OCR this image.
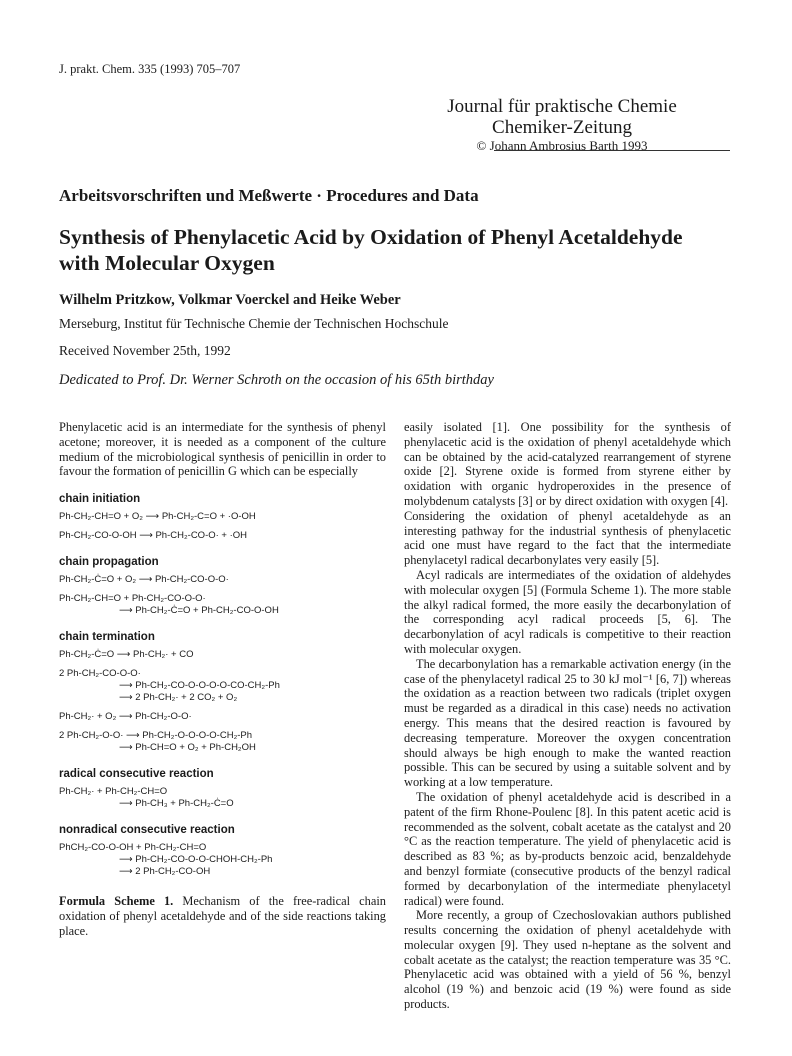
J. prakt. Chem. 335 (1993) 705–707
Journal für praktische Chemie
Chemiker-Zeitung
© Johann Ambrosius Barth 1993
Arbeitsvorschriften und Meßwerte · Procedures and Data
Synthesis of Phenylacetic Acid by Oxidation of Phenyl Acetaldehyde
with Molecular Oxygen
Wilhelm Pritzkow, Volkmar Voerckel and Heike Weber
Merseburg, Institut für Technische Chemie der Technischen Hochschule
Received November 25th, 1992
Dedicated to Prof. Dr. Werner Schroth on the occasion of his 65th birthday

Phenylacetic acid is an intermediate for the synthesis of phenyl acetone; moreover, it is needed as a component of the culture medium of the microbiological synthesis of penicillin in order to favour the formation of penicillin G which can be especially

chain initiation
Ph-CH₂-CH=O + O₂ ⟶ Ph-CH₂-C=O + ·O-OH
Ph-CH₂-CO-O-OH ⟶ Ph-CH₂-CO-O· + ·OH
chain propagation
Ph-CH₂-Ċ=O + O₂ ⟶ Ph-CH₂-CO-O-O·
Ph-CH₂-CH=O + Ph-CH₂-CO-O-O·
⟶ Ph-CH₂-Ċ=O + Ph-CH₂-CO-O-OH
chain termination
Ph-CH₂-Ċ=O ⟶ Ph-CH₂· + CO
2 Ph-CH₂-CO-O-O·
⟶ Ph-CH₂-CO-O-O-O-O-CO-CH₂-Ph
⟶ 2 Ph-CH₂· + 2 CO₂ + O₂
Ph-CH₂· + O₂ ⟶ Ph-CH₂-O-O·
2 Ph-CH₂-O-O· ⟶ Ph-CH₂-O-O-O-O-CH₂-Ph
⟶ Ph-CH=O + O₂ + Ph-CH₂OH
radical consecutive reaction
Ph-CH₂· + Ph-CH₂-CH=O
⟶ Ph-CH₃ + Ph-CH₂-Ċ=O
nonradical consecutive reaction
PhCH₂-CO-O-OH + Ph-CH₂-CH=O
⟶ Ph-CH₂-CO-O-O-CHOH-CH₂-Ph
⟶ 2 Ph-CH₂-CO-OH
Formula Scheme 1. Mechanism of the free-radical chain oxidation of phenyl acetaldehyde and of the side reactions taking place.

easily isolated [1]. One possibility for the synthesis of phenylacetic acid is the oxidation of phenyl acetaldehyde which can be obtained by the acid-catalyzed rearrangement of styrene oxide [2]. Styrene oxide is formed from styrene either by oxidation with organic hydroperoxides in the presence of molybdenum catalysts [3] or by direct oxidation with oxygen [4].

Considering the oxidation of phenyl acetaldehyde as an interesting pathway for the industrial synthesis of phenylacetic acid one must have regard to the fact that the intermediate phenylacetyl radical decarbonylates very easily [5].

Acyl radicals are intermediates of the oxidation of aldehydes with molecular oxygen [5] (Formula Scheme 1). The more stable the alkyl radical formed, the more easily the decarbonylation of the corresponding acyl radical proceeds [5, 6]. The decarbonylation of acyl radicals is competitive to their reaction with molecular oxygen.

The decarbonylation has a remarkable activation energy (in the case of the phenylacetyl radical 25 to 30 kJ mol⁻¹ [6, 7]) whereas the oxidation as a reaction between two radicals (triplet oxygen must be regarded as a diradical in this case) needs no activation energy. This means that the desired reaction is favoured by decreasing temperature. Moreover the oxygen concentration should always be high enough to make the wanted reaction possible. This can be secured by using a suitable solvent and by working at a low temperature.

The oxidation of phenyl acetaldehyde acid is described in a patent of the firm Rhone-Poulenc [8]. In this patent acetic acid is recommended as the solvent, cobalt acetate as the catalyst and 20 °C as the reaction temperature. The yield of phenylacetic acid is described as 83 %; as by-products benzoic acid, benzaldehyde and benzyl formiate (consecutive products of the benzyl radical formed by decarbonylation of the intermediate phenylacetyl radical) were found.

More recently, a group of Czechoslovakian authors published results concerning the oxidation of phenyl acetaldehyde with molecular oxygen [9]. They used n-heptane as the solvent and cobalt acetate as the catalyst; the reaction temperature was 35 °C. Phenylacetic acid was obtained with a yield of 56 %, benzyl alcohol (19 %) and benzoic acid (19 %) were found as side products.
